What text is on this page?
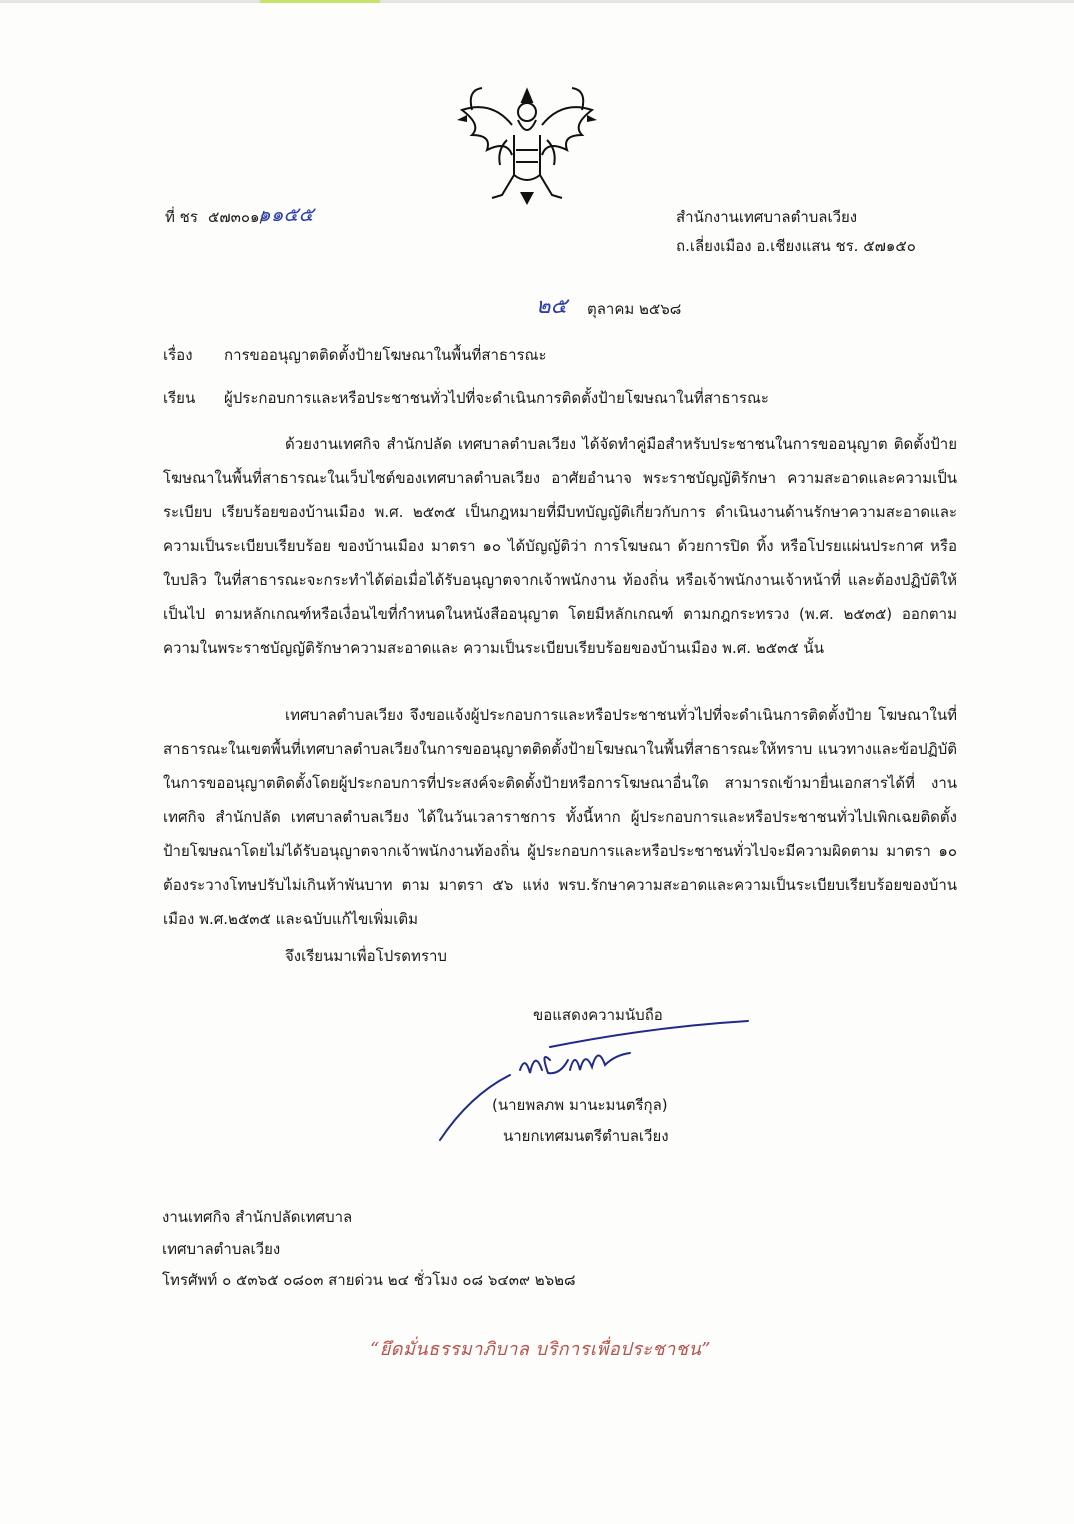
ที่ ชร ๕๗๓๐๑/
๑๑๕๕	สำนักงานเทศบาลตำบลเวียง
ถ.เลี่ยงเมือง อ.เชียงแสน ชร. ๕๗๑๕๐
๒๕ ตุลาคม ๒๕๖๘
เรื่อง การขออนุญาตติดตั้งป้ายโฆษณาในพื้นที่สาธารณะ
เรียน ผู้ประกอบการและหรือประชาชนทั่วไปที่จะดำเนินการติดตั้งป้ายโฆษณาในที่สาธารณะ
ด้วยงานเทศกิจ สำนักปลัด เทศบาลตำบลเวียง ได้จัดทำคู่มือสำหรับประชาชนในการขออนุญาต ติดตั้งป้ายโฆษณาในพื้นที่สาธารณะในเว็บไซต์ของเทศบาลตำบลเวียง อาศัยอำนาจ พระราชบัญญัติรักษา ความสะอาดและความเป็นระเบียบ เรียบร้อยของบ้านเมือง พ.ศ. ๒๕๓๕ เป็นกฎหมายที่มีบทบัญญัติเกี่ยวกับการ ดำเนินงานด้านรักษาความสะอาดและความเป็นระเบียบเรียบร้อย ของบ้านเมือง มาตรา ๑๐ ได้บัญญัติว่า การโฆษณา ด้วยการปิด ทิ้ง หรือโปรยแผ่นประกาศ หรือใบปลิว ในที่สาธารณะจะกระทำได้ต่อเมื่อได้รับอนุญาตจากเจ้าพนักงาน ท้องถิ่น หรือเจ้าพนักงานเจ้าหน้าที่ และต้องปฏิบัติให้เป็นไป ตามหลักเกณฑ์หรือเงื่อนไขที่กำหนดในหนังสืออนุญาต โดยมีหลักเกณฑ์ ตามกฎกระทรวง (พ.ศ. ๒๕๓๕) ออกตามความในพระราชบัญญัติรักษาความสะอาดและ ความเป็นระเบียบเรียบร้อยของบ้านเมือง พ.ศ. ๒๕๓๕ นั้น
เทศบาลตำบลเวียง จึงขอแจ้งผู้ประกอบการและหรือประชาชนทั่วไปที่จะดำเนินการติดตั้งป้าย โฆษณาในที่สาธารณะในเขตพื้นที่เทศบาลตำบลเวียงในการขออนุญาตติดตั้งป้ายโฆษณาในพื้นที่สาธารณะให้ทราบ แนวทางและข้อปฏิบัติในการขออนุญาตติดตั้งโดยผู้ประกอบการที่ประสงค์จะติดตั้งป้ายหรือการโฆษณาอื่นใด สามารถเข้ามายื่นเอกสารได้ที่ งานเทศกิจ สำนักปลัด เทศบาลตำบลเวียง ได้ในวันเวลาราชการ ทั้งนี้หาก ผู้ประกอบการและหรือประชาชนทั่วไปเพิกเฉยติดตั้งป้ายโฆษณาโดยไม่ได้รับอนุญาตจากเจ้าพนักงานท้องถิ่น ผู้ประกอบการและหรือประชาชนทั่วไปจะมีความผิดตาม มาตรา ๑๐ ต้องระวางโทษปรับไม่เกินห้าพันบาท ตาม มาตรา ๕๖ แห่ง พรบ.รักษาความสะอาดและความเป็นระเบียบเรียบร้อยของบ้านเมือง พ.ศ.๒๕๓๕ และฉบับแก้ไขเพิ่มเติม
จึงเรียนมาเพื่อโปรดทราบ
ขอแสดงความนับถือ
(นายพลภพ มานะมนตรีกุล)
นายกเทศมนตรีตำบลเวียง
งานเทศกิจ สำนักปลัดเทศบาล
เทศบาลตำบลเวียง
โทรศัพท์ ๐ ๕๓๖๕ ๐๘๐๓ สายด่วน ๒๔ ชั่วโมง ๐๘ ๖๔๓๙ ๒๖๒๘
“ยึดมั่นธรรมาภิบาล บริการเพื่อประชาชน”
